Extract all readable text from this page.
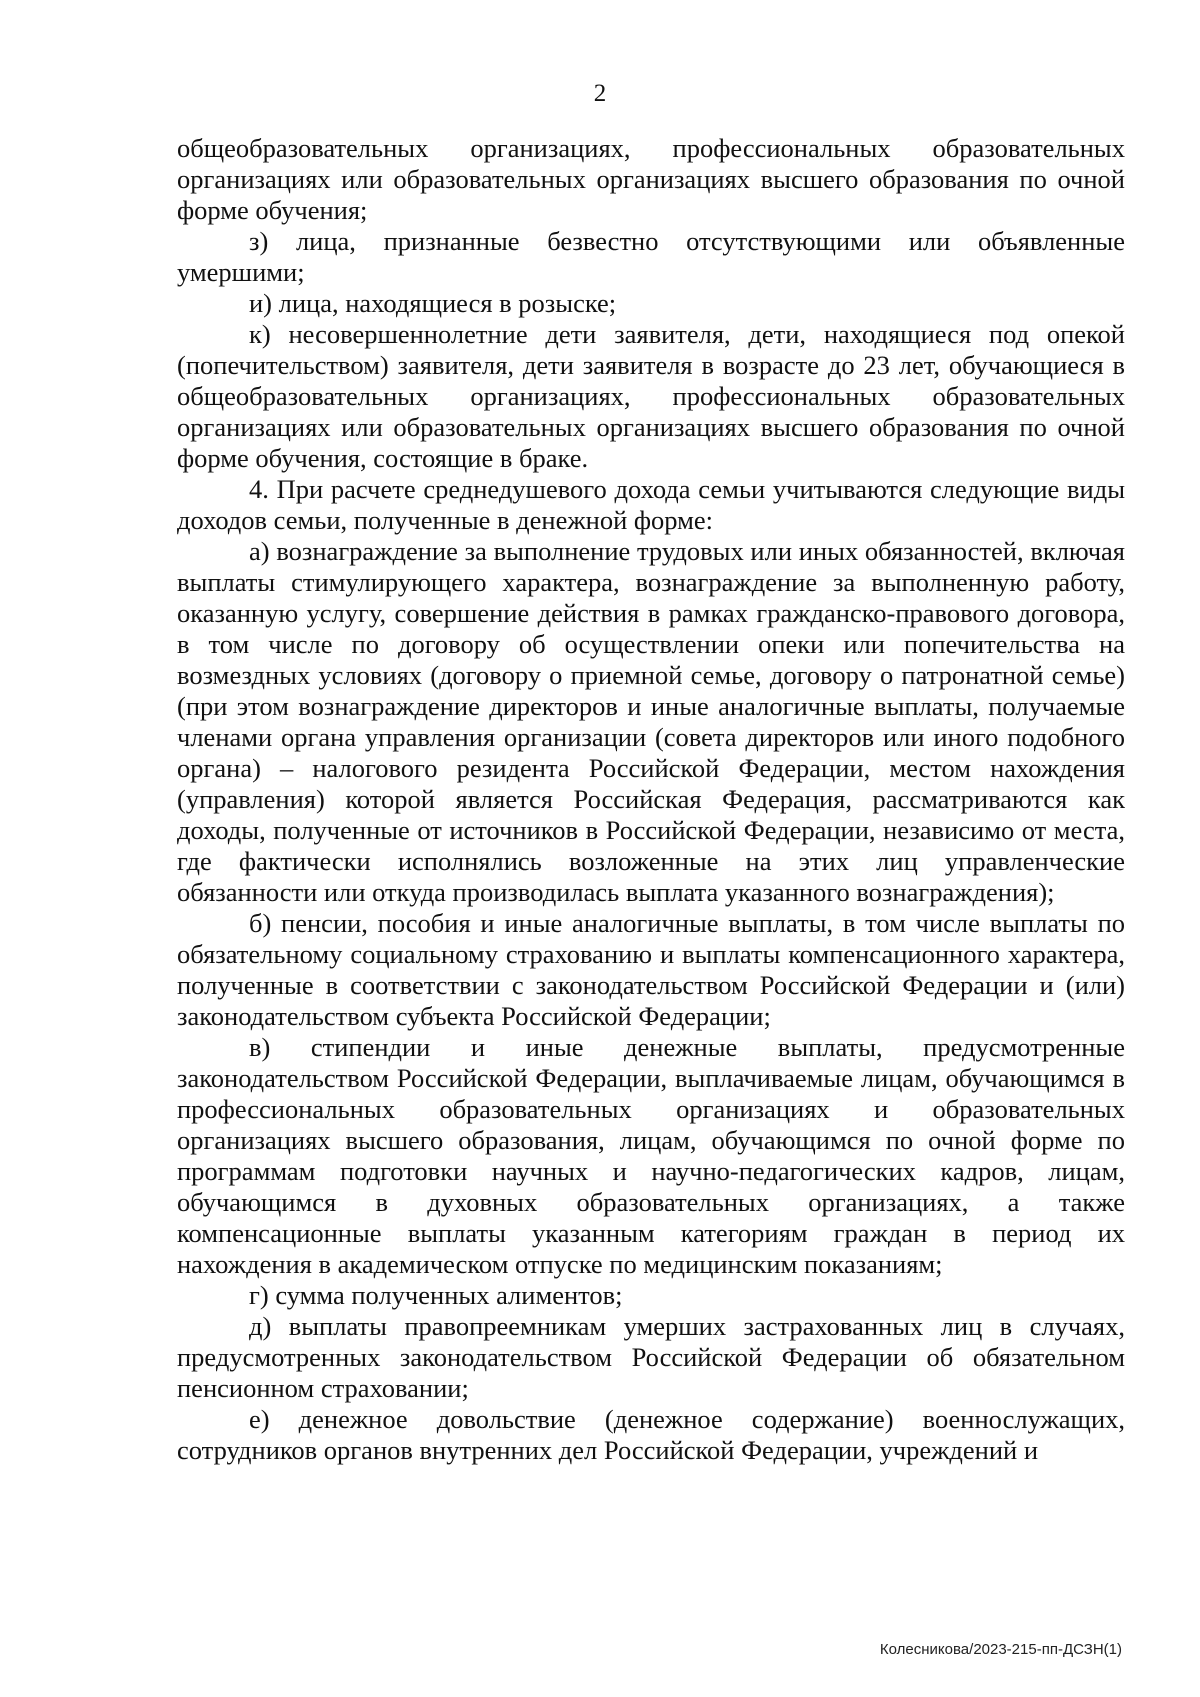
2

общеобразовательных организациях, профессиональных образовательных организациях или образовательных организациях высшего образования по очной форме обучения;

з) лица, признанные безвестно отсутствующими или объявленные умершими;

и) лица, находящиеся в розыске;

к) несовершеннолетние дети заявителя, дети, находящиеся под опекой (попечительством) заявителя, дети заявителя в возрасте до 23 лет, обучающиеся в общеобразовательных организациях, профессиональных образовательных организациях или образовательных организациях высшего образования по очной форме обучения, состоящие в браке.

4. При расчете среднедушевого дохода семьи учитываются следующие виды доходов семьи, полученные в денежной форме:

а) вознаграждение за выполнение трудовых или иных обязанностей, включая выплаты стимулирующего характера, вознаграждение за выполненную работу, оказанную услугу, совершение действия в рамках гражданско-правового договора, в том числе по договору об осуществлении опеки или попечительства на возмездных условиях (договору о приемной семье, договору о патронатной семье) (при этом вознаграждение директоров и иные аналогичные выплаты, получаемые членами органа управления организации (совета директоров или иного подобного органа) – налогового резидента Российской Федерации, местом нахождения (управления) которой является Российская Федерация, рассматриваются как доходы, полученные от источников в Российской Федерации, независимо от места, где фактически исполнялись возложенные на этих лиц управленческие обязанности или откуда производилась выплата указанного вознаграждения);

б) пенсии, пособия и иные аналогичные выплаты, в том числе выплаты по обязательному социальному страхованию и выплаты компенсационного характера, полученные в соответствии с законодательством Российской Федерации и (или) законодательством субъекта Российской Федерации;

в) стипендии и иные денежные выплаты, предусмотренные законодательством Российской Федерации, выплачиваемые лицам, обучающимся в профессиональных образовательных организациях и образовательных организациях высшего образования, лицам, обучающимся по очной форме по программам подготовки научных и научно-педагогических кадров, лицам, обучающимся в духовных образовательных организациях, а также компенсационные выплаты указанным категориям граждан в период их нахождения в академическом отпуске по медицинским показаниям;

г) сумма полученных алиментов;

д) выплаты правопреемникам умерших застрахованных лиц в случаях, предусмотренных законодательством Российской Федерации об обязательном пенсионном страховании;

е) денежное довольствие (денежное содержание) военнослужащих, сотрудников органов внутренних дел Российской Федерации, учреждений и

Колесникова/2023-215-пп-ДСЗН(1)
